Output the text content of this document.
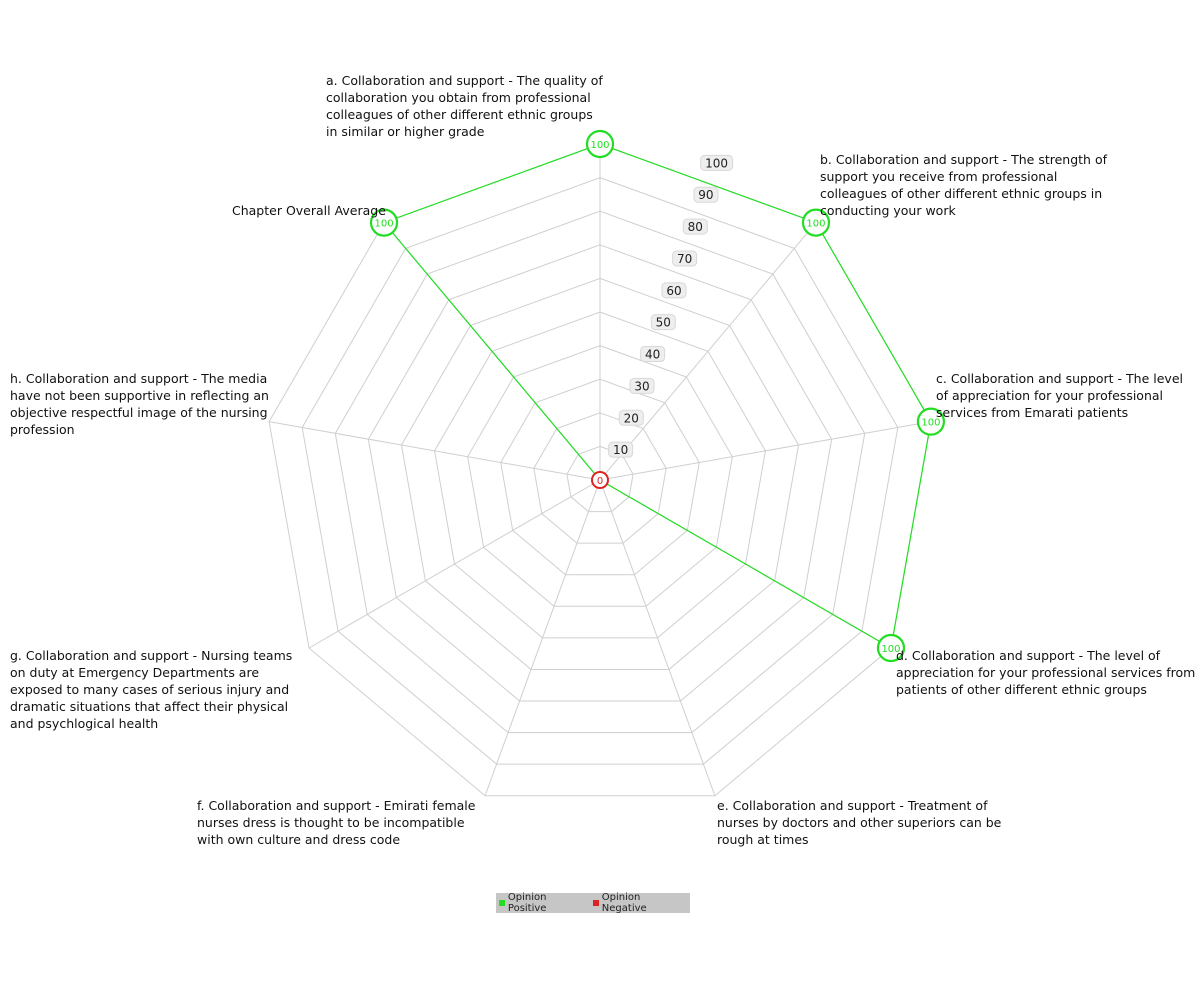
10
20
30
40
50
60
70
80
90
100
100
100
100
100
100
0
a. Collaboration and support - The quality of collaboration you obtain from professional colleagues of other different ethnic groups in similar or higher grade
b. Collaboration and support - The strength of support you receive from professional colleagues of other different ethnic groups in conducting your work
c. Collaboration and support - The level of appreciation for your professional services from Emarati patients
d. Collaboration and support - The level of appreciation for your professional services from patients of other different ethnic groups
e. Collaboration and support - Treatment of nurses by doctors and other superiors can be rough at times
f. Collaboration and support - Emirati female nurses dress is thought to be incompatible with own culture and dress code
g. Collaboration and support - Nursing teams on duty at Emergency Departments are exposed to many cases of serious injury and dramatic situations that affect their physical and psychlogical health
h. Collaboration and support - The media have not been supportive in reflecting an objective respectful image of the nursing profession
Chapter Overall Average
Opinion Positive
Opinion Negative
